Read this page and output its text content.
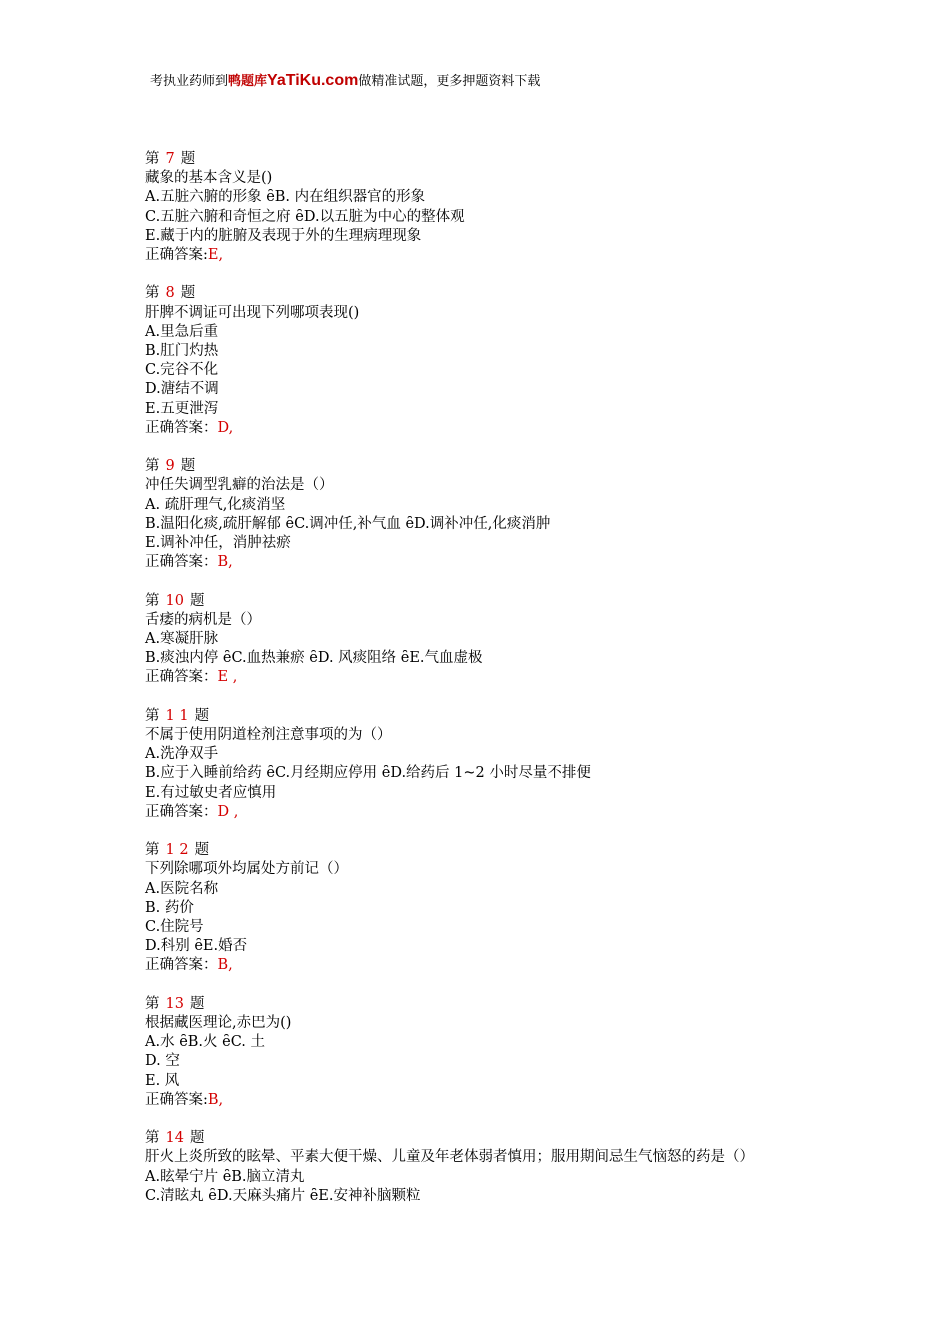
考执业药师到鸭题库YaTiKu.com做精准试题，更多押题资料下载
第 7 题
藏象的基本含义是()
A.五脏六腑的形象 ȇB. 内在组织器官的形象
C.五脏六腑和奇恒之府 ȇD.以五脏为中心的整体观
E.藏于内的脏腑及表现于外的生理病理现象
正确答案:E,
第 8 题
肝脾不调证可出现下列哪项表现()
A.里急后重
B.肛门灼热
C.完谷不化
D.溏结不调
E.五更泄泻
正确答案：D,
第 9 题
冲任失调型乳癖的治法是（）
A. 疏肝理气,化痰消坚
B.温阳化痰,疏肝解郁 ȇC.调冲任,补气血 ȇD.调补冲任,化痰消肿
E.调补冲任，消肿祛瘀
正确答案：B,
第 10 题
舌痿的病机是（）
A.寒凝肝脉
B.痰浊内停 ȇC.血热兼瘀 ȇD. 风痰阻络 ȇE.气血虚极
正确答案：E ,
第 1 1 题
不属于使用阴道栓剂注意事项的为（）
A.洗净双手
B.应于入睡前给药 ȇC.月经期应停用 ȇD.给药后 1~2 小时尽量不排便
E.有过敏史者应慎用
正确答案：D ,
第 1 2 题
下列除哪项外均属处方前记（）
A.医院名称
B. 药价
C.住院号
D.科别 ȇE.婚否
正确答案：B,
第 13 题
根据藏医理论,赤巴为()
A.水 ȇB.火 ȇC. 土
D. 空
E. 风
正确答案:B,
第 14 题
肝火上炎所致的眩晕、平素大便干燥、儿童及年老体弱者慎用；服用期间忌生气恼怒的药是（）
A.眩晕宁片 ȇB.脑立清丸
C.清眩丸 ȇD.天麻头痛片 ȇE.安神补脑颗粒
